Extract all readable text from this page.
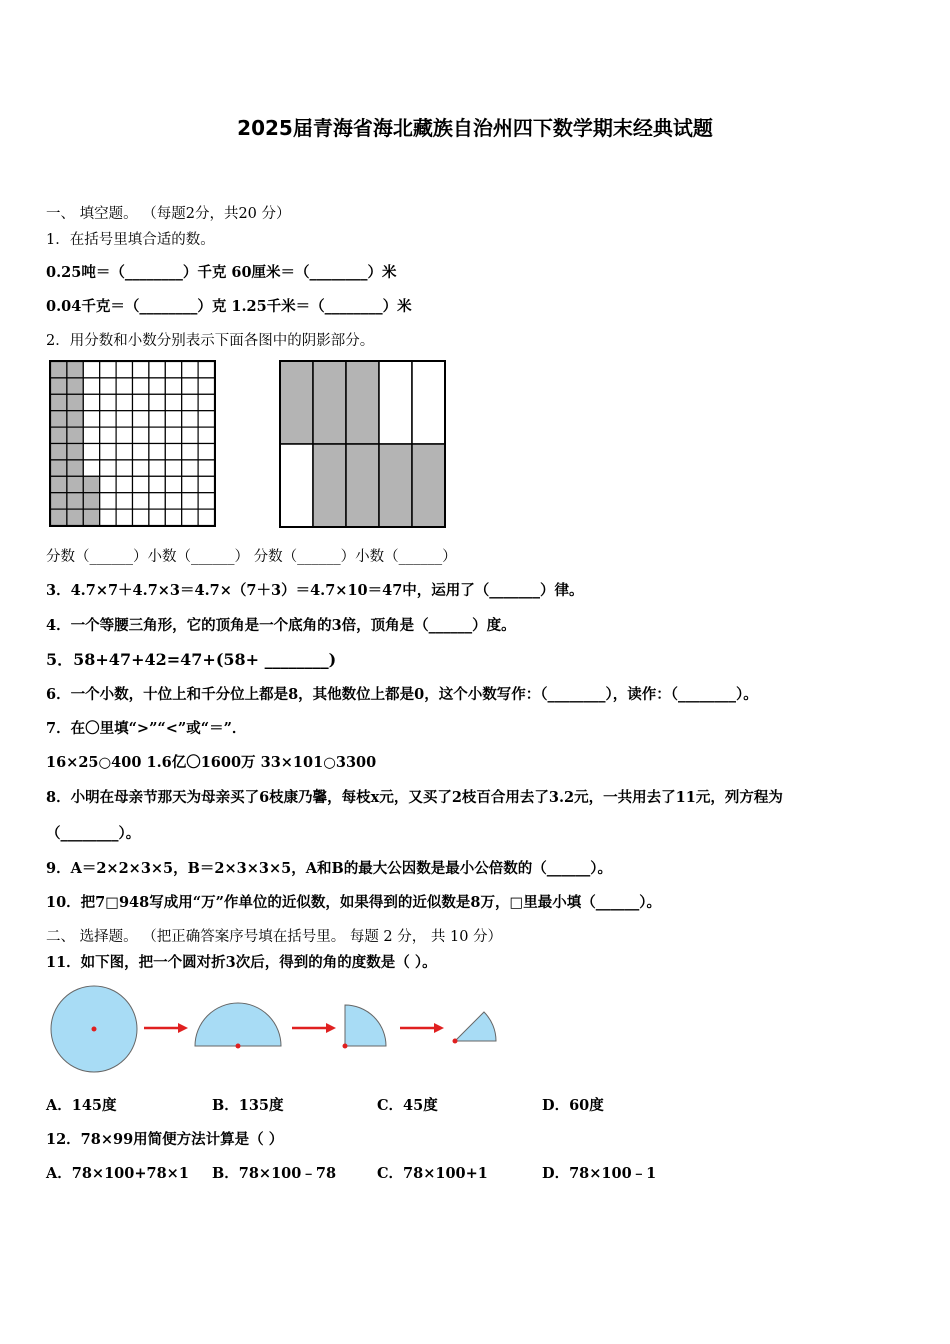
2025届青海省海北藏族自治州四下数学期末经典试题
一、 填空题。 （每题2分，共20 分）
1．在括号里填合适的数。
0.25吨＝（________）千克 60厘米＝（________）米
0.04千克＝（________）克 1.25千米＝（________）米
2．用分数和小数分别表示下面各图中的阴影部分。
分数（______）小数（______） 分数（______）小数（______）
3．4.7×7＋4.7×3＝4.7×（7＋3）＝4.7×10＝47中，运用了（_______）律。
4．一个等腰三角形，它的顶角是一个底角的3倍，顶角是（______）度。
5．58+47+42=47+(58+ ________)
6．一个小数，十位上和千分位上都是8，其他数位上都是0，这个小数写作：（________），读作：（________）。
7．在〇里填“>”“<”或“＝”．
16×25○400 1.6亿〇1600万 33×101○3300
8．小明在母亲节那天为母亲买了6枝康乃馨，每枝x元，又买了2枝百合用去了3.2元，一共用去了11元，列方程为
（________）。
9．A＝2×2×3×5，B＝2×3×3×5，A和B的最大公因数是最小公倍数的（______）。
10．把7□948写成用“万”作单位的近似数，如果得到的近似数是8万，□里最小填（______）。
二、 选择题。 （把正确答案序号填在括号里。 每题 2 分， 共 10 分）
11．如下图，把一个圆对折3次后，得到的角的度数是（ ）。
A．145度	B．135度	C．45度	D．60度
12．78×99用简便方法计算是（ ）
A．78×100+78×1 B．78×100﹣78	C．78×100+1	D．78×100﹣1
